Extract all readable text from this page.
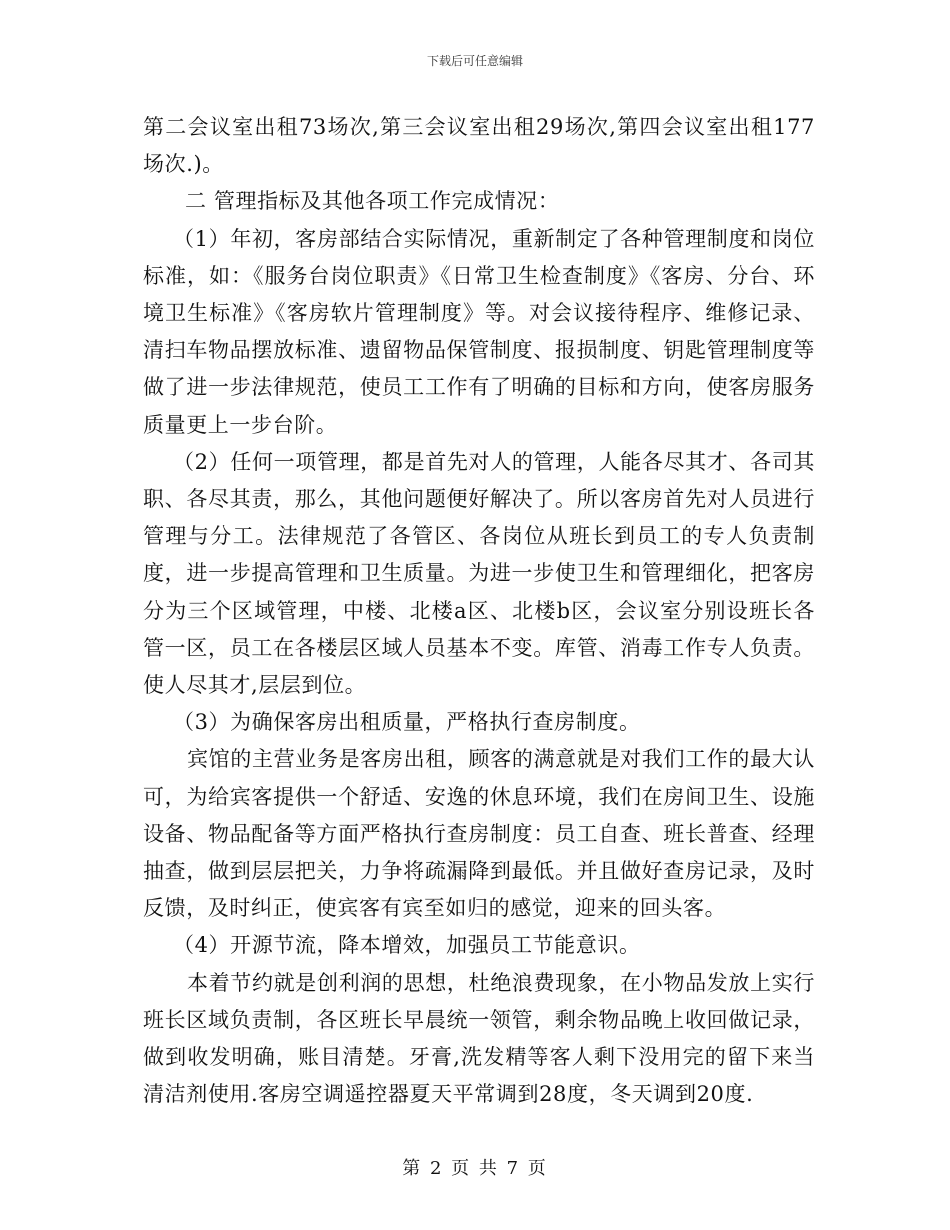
下载后可任意编辑

第二会议室出租73场次,第三会议室出租29场次,第四会议室出租177场次.)。

二 管理指标及其他各项工作完成情况：

（1）年初，客房部结合实际情况，重新制定了各种管理制度和岗位标准，如：《服务台岗位职责》《日常卫生检查制度》《客房、分台、环境卫生标准》《客房软片管理制度》等。对会议接待程序、维修记录、清扫车物品摆放标准、遗留物品保管制度、报损制度、钥匙管理制度等做了进一步法律规范，使员工工作有了明确的目标和方向，使客房服务质量更上一步台阶。

（2）任何一项管理，都是首先对人的管理，人能各尽其才、各司其职、各尽其责，那么，其他问题便好解决了。所以客房首先对人员进行管理与分工。法律规范了各管区、各岗位从班长到员工的专人负责制度，进一步提高管理和卫生质量。为进一步使卫生和管理细化，把客房分为三个区域管理，中楼、北楼a区、北楼b区，会议室分别设班长各管一区，员工在各楼层区域人员基本不变。库管、消毒工作专人负责。使人尽其才,层层到位。

（3）为确保客房出租质量，严格执行查房制度。

宾馆的主营业务是客房出租，顾客的满意就是对我们工作的最大认可，为给宾客提供一个舒适、安逸的休息环境，我们在房间卫生、设施设备、物品配备等方面严格执行查房制度：员工自查、班长普查、经理抽查，做到层层把关，力争将疏漏降到最低。并且做好查房记录，及时反馈，及时纠正，使宾客有宾至如归的感觉，迎来的回头客。

（4）开源节流，降本增效，加强员工节能意识。

本着节约就是创利润的思想，杜绝浪费现象，在小物品发放上实行班长区域负责制，各区班长早晨统一领管，剩余物品晚上收回做记录，做到收发明确，账目清楚。牙膏,洗发精等客人剩下没用完的留下来当清洁剂使用.客房空调遥控器夏天平常调到28度，冬天调到20度.

第 2 页 共 7 页
